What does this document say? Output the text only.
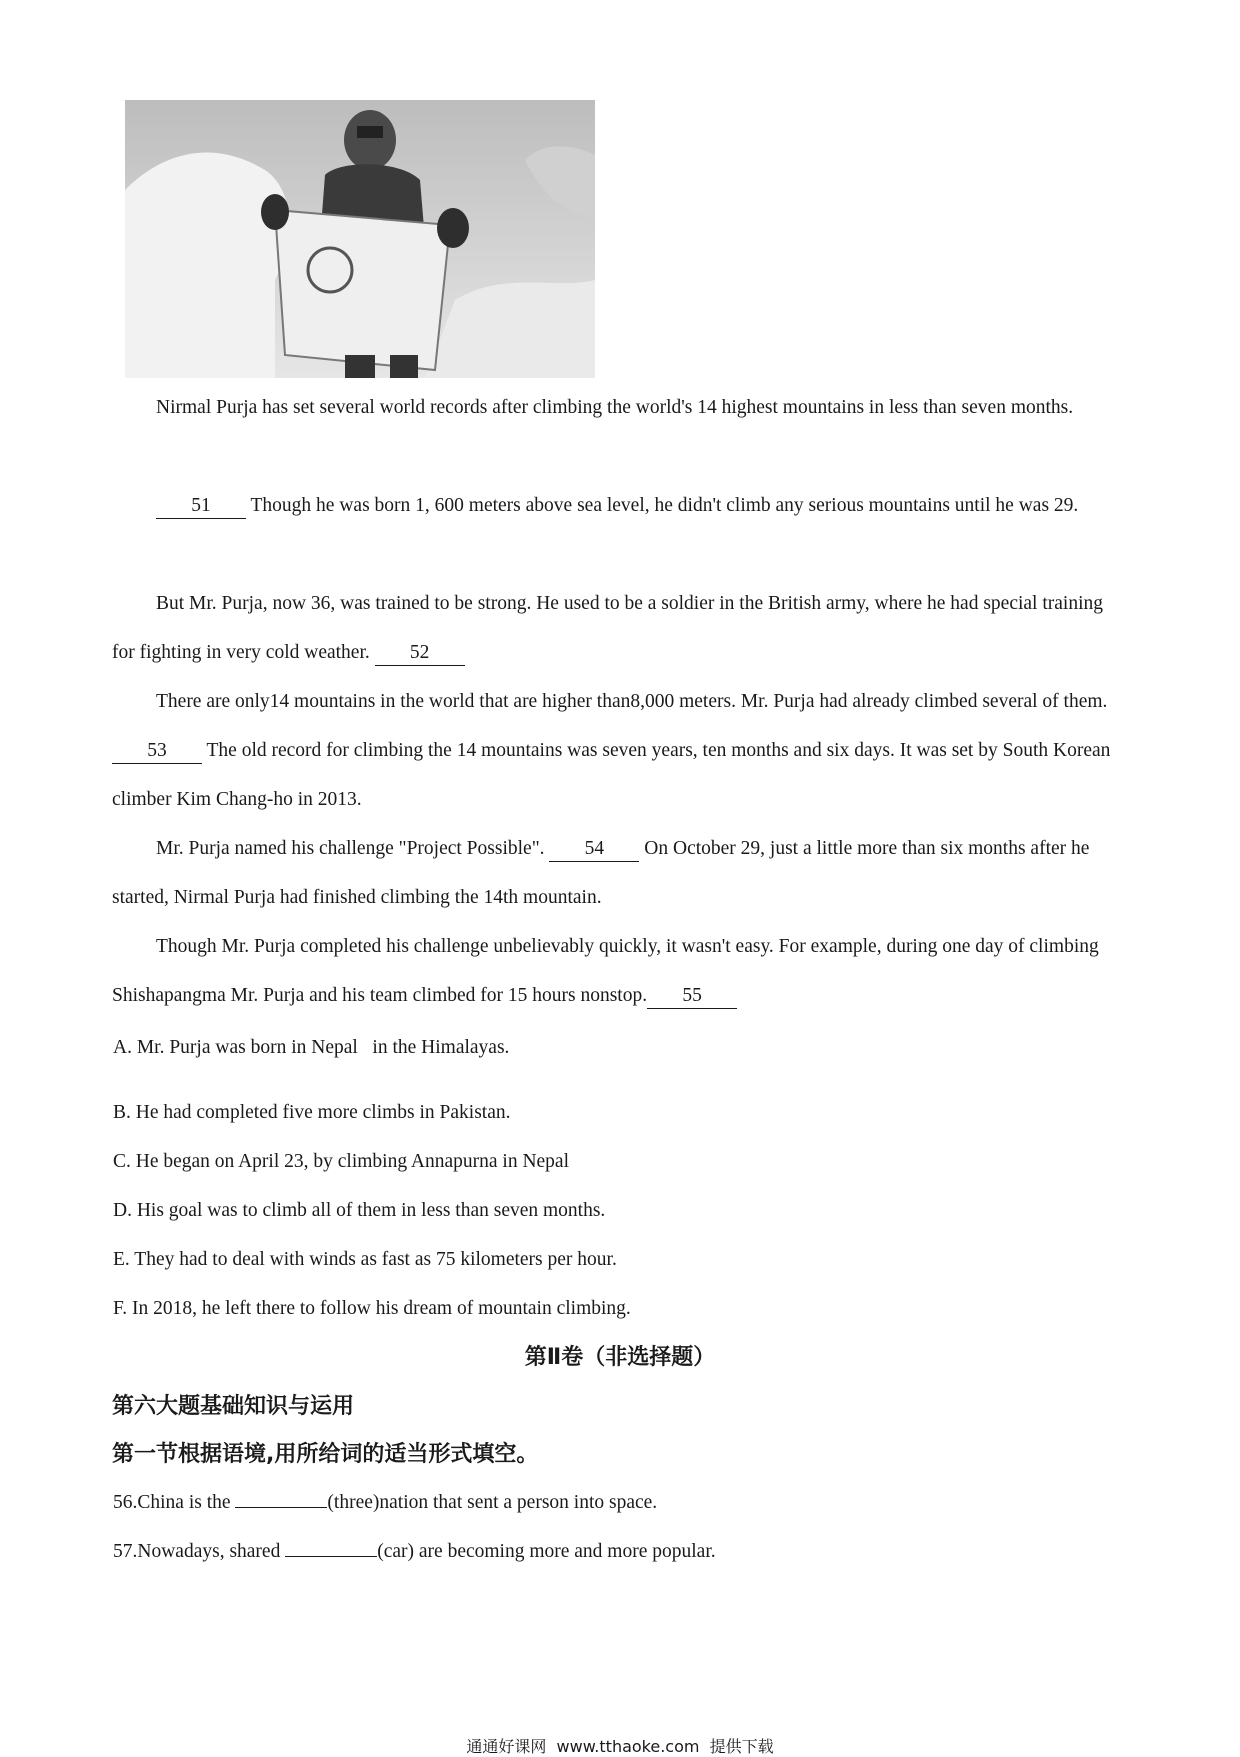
Nirmal Purja has set several world records after climbing the world's 14 highest mountains in less than seven months.

51 Though he was born 1, 600 meters above sea level, he didn't climb any serious mountains until he was 29.

But Mr. Purja, now 36, was trained to be strong. He used to be a soldier in the British army, where he had special training for fighting in very cold weather. 52

There are only14 mountains in the world that are higher than8,000 meters. Mr. Purja had already climbed several of them. 53 The old record for climbing the 14 mountains was seven years, ten months and six days. It was set by South Korean climber Kim Chang-ho in 2013.

Mr. Purja named his challenge "Project Possible". 54 On October 29, just a little more than six months after he started, Nirmal Purja had finished climbing the 14th mountain.

Though Mr. Purja completed his challenge unbelievably quickly, it wasn't easy. For example, during one day of climbing Shishapangma Mr. Purja and his team climbed for 15 hours nonstop. 55

A. Mr. Purja was born in Nepal   in the Himalayas.

B. He had completed five more climbs in Pakistan.

C. He began on April 23, by climbing Annapurna in Nepal

D. His goal was to climb all of them in less than seven months.

E. They had to deal with winds as fast as 75 kilometers per hour.

F. In 2018, he left there to follow his dream of mountain climbing.

第Ⅱ卷（非选择题）

第六大题基础知识与运用

第一节根据语境,用所给词的适当形式填空。

56.China is the	(three)nation that sent a person into space.

57.Nowadays, shared	(car) are becoming more and more popular.

通通好课网  www.tthaoke.com  提供下载
